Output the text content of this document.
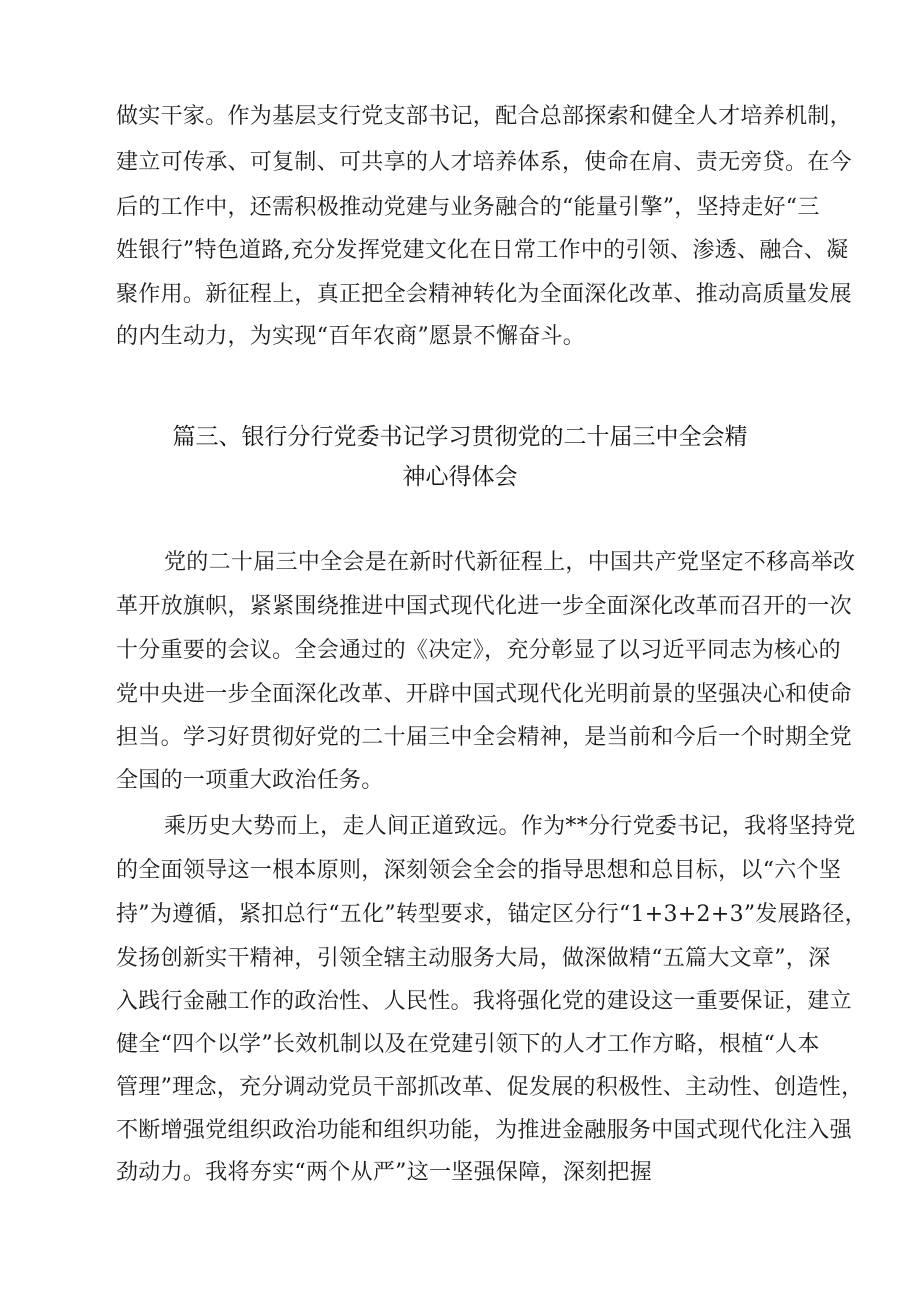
做实干家。作为基层支行党支部书记，配合总部探索和健全人才培养机制，
建立可传承、可复制、可共享的人才培养体系，使命在肩、责无旁贷。在今
后的工作中，还需积极推动党建与业务融合的“能量引擎”，坚持走好“三
姓银行”特色道路,充分发挥党建文化在日常工作中的引领、渗透、融合、凝
聚作用。新征程上，真正把全会精神转化为全面深化改革、推动高质量发展
的内生动力，为实现“百年农商”愿景不懈奋斗。
篇三、银行分行党委书记学习贯彻党的二十届三中全会精
神心得体会
党的二十届三中全会是在新时代新征程上，中国共产党坚定不移高举改
革开放旗帜，紧紧围绕推进中国式现代化进一步全面深化改革而召开的一次
十分重要的会议。全会通过的《决定》，充分彰显了以习近平同志为核心的
党中央进一步全面深化改革、开辟中国式现代化光明前景的坚强决心和使命
担当。学习好贯彻好党的二十届三中全会精神，是当前和今后一个时期全党
全国的一项重大政治任务。
乘历史大势而上，走人间正道致远。作为**分行党委书记，我将坚持党
的全面领导这一根本原则，深刻领会全会的指导思想和总目标，以“六个坚
持”为遵循，紧扣总行“五化”转型要求，锚定区分行“1+3+2+3”发展路径，
发扬创新实干精神，引领全辖主动服务大局，做深做精“五篇大文章”，深
入践行金融工作的政治性、人民性。我将强化党的建设这一重要保证，建立
健全“四个以学”长效机制以及在党建引领下的人才工作方略，根植“人本
管理”理念，充分调动党员干部抓改革、促发展的积极性、主动性、创造性，
不断增强党组织政治功能和组织功能，为推进金融服务中国式现代化注入强
劲动力。我将夯实“两个从严”这一坚强保障，深刻把握
